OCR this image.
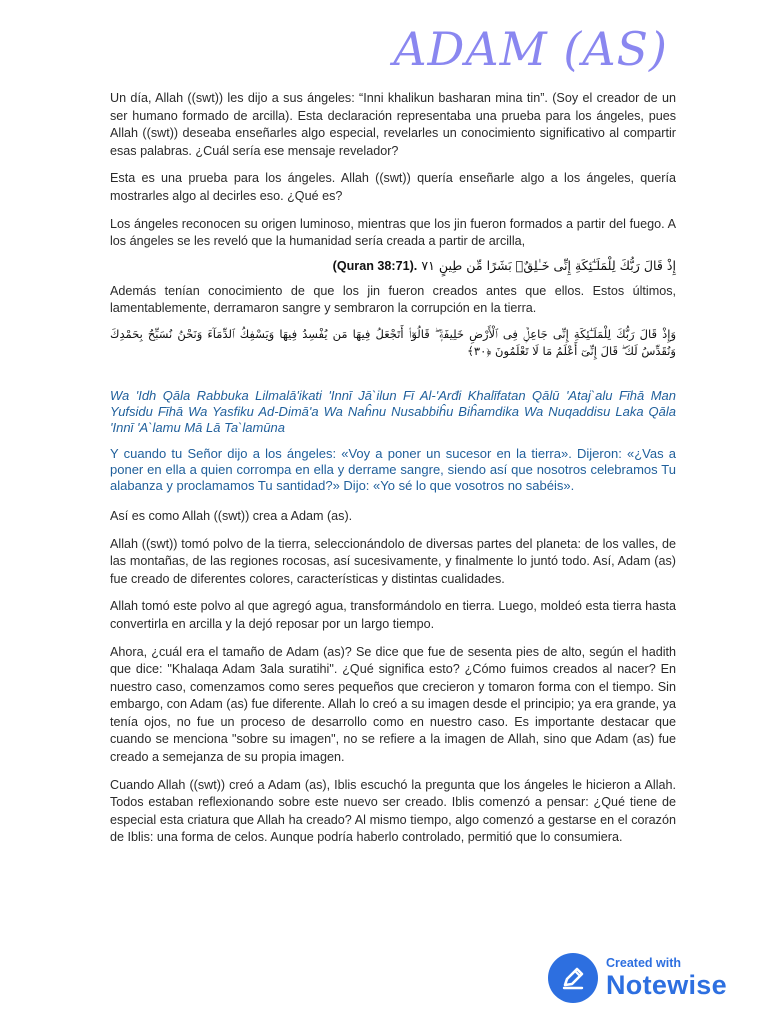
ADAM (AS)

Un día, Allah ((swt)) les dijo a sus ángeles: “Inni khalikun basharan mina tin”. (Soy el creador de un ser humano formado de arcilla). Esta declaración representaba una prueba para los ángeles, pues Allah ((swt)) deseaba enseñarles algo especial, revelarles un conocimiento significativo al compartir esas palabras. ¿Cuál sería ese mensaje revelador?

Esta es una prueba para los ángeles. Allah ((swt)) quería enseñarle algo a los ángeles, quería mostrarles algo al decirles eso. ¿Qué es?

Los ángeles reconocen su origen luminoso, mientras que los jin fueron formados a partir del fuego. A los ángeles se les reveló que la humanidad sería creada a partir de arcilla,

(Quran 38:71). إِذْ قَالَ رَبُّكَ لِلْمَلَـٰٓئِكَةِ إِنِّى خَـٰلِقٌۢ بَشَرًا مِّن طِينٍ ٧١

Además tenían conocimiento de que los jin fueron creados antes que ellos. Estos últimos, lamentablemente, derramaron sangre y sembraron la corrupción en la tierra.

وَإِذْ قَالَ رَبُّكَ لِلْمَلَـٰٓئِكَةِ إِنِّى جَاعِلٌۭ فِى ٱلْأَرْضِ خَلِيفَةًۭ ۖ قَالُوٓا۟ أَتَجْعَلُ فِيهَا مَن يُفْسِدُ فِيهَا وَيَسْفِكُ ٱلدِّمَآءَ وَنَحْنُ نُسَبِّحُ بِحَمْدِكَ وَنُقَدِّسُ لَكَ ۖ قَالَ إِنِّىٓ أَعْلَمُ مَا لَا تَعْلَمُونَ ﴿٣٠﴾

Wa 'Idh Qāla Rabbuka Lilmalā'ikati 'Innī Jā`ilun Fī Al-'Arđi Khalīfatan Qālū 'Ataj`alu Fīhā Man Yufsidu Fīhā Wa Yasfiku Ad-Dimā'a Wa Naĥnu Nusabbiĥu Biĥamdika Wa Nuqaddisu Laka Qāla 'Innī 'A`lamu Mā Lā Ta`lamūna

Y cuando tu Señor dijo a los ángeles: «Voy a poner un sucesor en la tierra». Dijeron: «¿Vas a poner en ella a quien corrompa en ella y derrame sangre, siendo así que nosotros celebramos Tu alabanza y proclamamos Tu santidad?» Dijo: «Yo sé lo que vosotros no sabéis».

Así es como Allah ((swt)) crea a Adam (as).

Allah ((swt)) tomó polvo de la tierra, seleccionándolo de diversas partes del planeta: de los valles, de las montañas, de las regiones rocosas, así sucesivamente, y finalmente lo juntó todo. Así, Adam (as) fue creado de diferentes colores, características y distintas cualidades.

Allah tomó este polvo al que agregó agua, transformándolo en tierra. Luego, moldeó esta tierra hasta convertirla en arcilla y la dejó reposar por un largo tiempo.

Ahora, ¿cuál era el tamaño de Adam (as)? Se dice que fue de sesenta pies de alto, según el hadith que dice: "Khalaqa Adam 3ala suratihi". ¿Qué significa esto? ¿Cómo fuimos creados al nacer? En nuestro caso, comenzamos como seres pequeños que crecieron y tomaron forma con el tiempo. Sin embargo, con Adam (as) fue diferente. Allah lo creó a su imagen desde el principio; ya era grande, ya tenía ojos, no fue un proceso de desarrollo como en nuestro caso. Es importante destacar que cuando se menciona "sobre su imagen", no se refiere a la imagen de Allah, sino que Adam (as) fue creado a semejanza de su propia imagen.

Cuando Allah ((swt)) creó a Adam (as), Iblis escuchó la pregunta que los ángeles le hicieron a Allah. Todos estaban reflexionando sobre este nuevo ser creado. Iblis comenzó a pensar: ¿Qué tiene de especial esta criatura que Allah ha creado? Al mismo tiempo, algo comenzó a gestarse en el corazón de Iblis: una forma de celos. Aunque podría haberlo controlado, permitió que lo consumiera.

Created with
Notewise
